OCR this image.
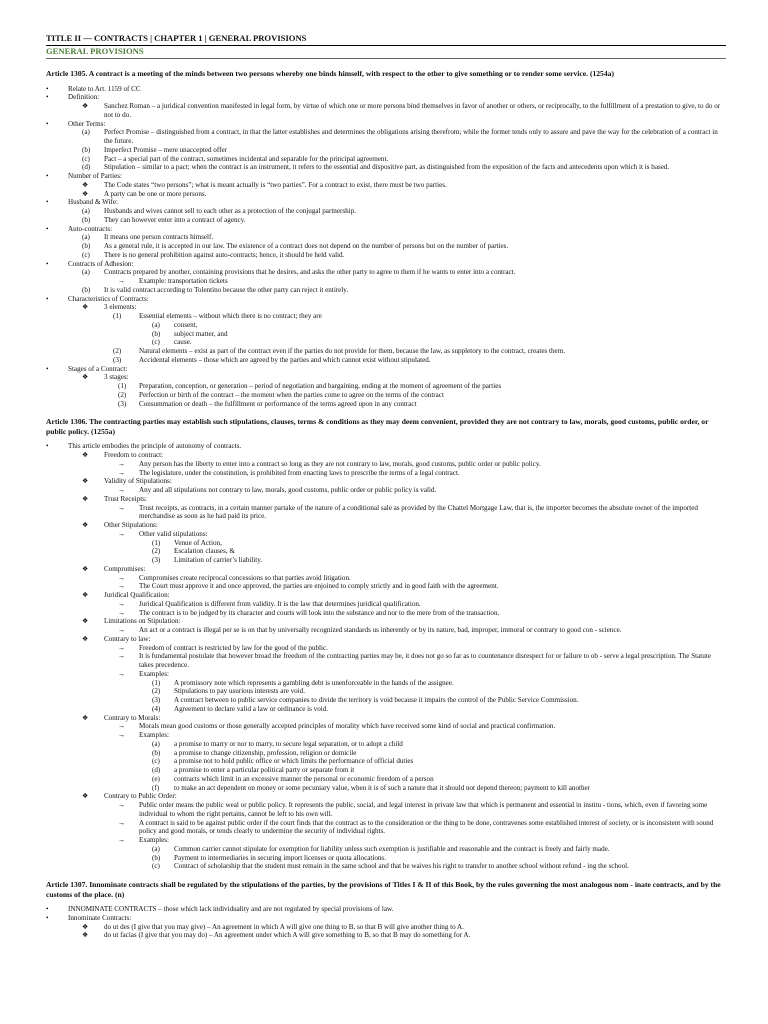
TITLE II — CONTRACTS | CHAPTER 1 | GENERAL PROVISIONS
GENERAL PROVISIONS
Article 1305. A contract is a meeting of the minds between two persons whereby one binds himself, with respect to the other to give something or to render some service. (1254a)
•	Relate to Art. 1159 of CC
•	Definition:
❖ Sanchez Roman – a juridical convention manifested in legal form, by virtue of which one or more persons bind themselves in favor of another or others, or reciprocally, to the fulfillment of a prestation to give, to do or not to do.
•	Other Terms:
(a) Perfect Promise – distinguished from a contract, in that the latter establishes and determines the obligations arising therefrom; while the former tends only to assure and pave the way for the celebration of a contract in the future.
(b) Imperfect Promise – mere unaccepted offer
(c) Pact – a special part of the contract, sometimes incidental and separable for the principal agreement.
(d) Stipulation – similar to a pact; when the contract is an instrument, it refers to the essential and dispositive part, as distinguished from the exposition of the facts and antecedents upon which it is based.
•	Number of Parties:
❖ The Code states “two persons”; what is meant actually is “two parties”. For a contract to exist, there must be two parties.
❖ A party can be one or more persons.
•	Husband & Wife:
(a) Husbands and wives cannot sell to each other as a protection of the conjugal partnership.
(b) They can however enter into a contract of agency.
•	Auto-contracts:
(a) It means one person contracts himself.
(b) As a general rule, it is accepted in our law. The existence of a contract does not depend on the number of persons but on the number of parties.
(c) There is no general prohibition against auto-contracts; hence, it should be held valid.
•	Contracts of Adhesion:
(a) Contracts prepared by another, containing provisions that he desires, and asks the other party to agree to them if he wants to enter into a contract.
→ Example: transportation tickets
(b) It is valid contract according to Tolentino because the other party can reject it entirely.
•	Characteristics of Contracts:
❖ 3 elements:
(1) Essential elements – without which there is no contract; they are
(a) consent,
(b) subject matter, and
(c) cause.
(2) Natural elements – exist as part of the contract even if the parties do not provide for them, because the law, as suppletory to the contract, creates them.
(3) Accidental elements – those which are agreed by the parties and which cannot exist without stipulated.
•	Stages of a Contract:
❖ 3 stages:
(1) Preparation, conception, or generation – period of negotiation and bargaining, ending at the moment of agreement of the parties
(2) Perfection or birth of the contract – the moment when the parties come to agree on the terms of the contract
(3) Consummation or death – the fulfillment or performance of the terms agreed upon in any contract
Article 1306. The contracting parties may establish such stipulations, clauses, terms & conditions as they may deem convenient, provided they are not contrary to law, morals, good customs, public order, or public policy. (1255a)
•	This article embodies the principle of autonomy of contracts.
❖ Freedom to contract:
→ Any person has the liberty to enter into a contract so long as they are not contrary to law, morals, good customs, public order or public policy.
→ The legislature, under the constitution, is prohibited from enacting laws to prescribe the terms of a legal contract.
❖ Validity of Stipulations:
→ Any and all stipulations not contrary to law, morals, good customs, public order or public policy is valid.
❖ Trust Receipts:
→ Trust receipts, as contracts, in a certain manner partake of the nature of a conditional sale as provided by the Chattel Mortgage Law, that is, the importer becomes the absolute owner of the imported merchandise as soon as he had paid its price.
❖ Other Stipulations:
→ Other valid stipulations:
(1) Venue of Action,
(2) Escalation clauses, &
(3) Limitation of carrier’s liability.
❖ Compromises:
→ Compromises create reciprocal concessions so that parties avoid litigation.
→ The Court must approve it and once approved, the parties are enjoined to comply strictly and in good faith with the agreement.
❖ Juridical Qualification:
→ Juridical Qualification is different from validity. It is the law that determines juridical qualification.
→ The contract is to be judged by its character and courts will look into the substance and nor to the mere from of the transaction.
❖ Limitations on Stipulation:
→ An act or a contract is illegal per se is on that by universally recognized standards us inherently or by its nature, bad, improper, immoral or contrary to good con - science.
❖ Contrary to law:
→ Freedom of contract is restricted by law for the good of the public.
→ It is fundamental postulate that however broad the freedom of the contracting parties may be, it does not go so far as to countenance disrespect for or failure to ob - serve a legal prescription. The Statute takes precedence.
→ Examples:
(1) A promissory note which represents a gambling debt is unenforceable in the hands of the assignee.
(2) Stipulations to pay usurious interests are void.
(3) A contract between to public service companies to divide the territory is void because it impairs the control of the Public Service Commission.
(4) Agreement to declare valid a law or ordinance is void.
❖ Contrary to Morals:
→ Morals mean good customs or those generally accepted principles of morality which have received some kind of social and practical confirmation.
→ Examples:
(a) a promise to marry or nor to marry, to secure legal separation, or to adopt a child
(b) a promise to change citizenship, profession, religion or domicile
(c) a promise not to hold public office or which limits the performance of official duties
(d) a promise to enter a particular political party or separate from it
(e) contracts which limit in an excessive manner the personal or economic freedom of a person
(f) to make an act dependent on money or some pecuniary value, when it is of such a nature that it should not depend thereon; payment to kill another
❖ Contrary to Public Order:
→ Public order means the public weal or public policy. It represents the public, social, and legal interest in private law that which is permanent and essential in institu - tions, which, even if favoring some individual to whom the right pertains, cannot be left to his own will.
→ A contract is said to be against public order if the court finds that the contract as to the consideration or the thing to be done, contravenes some established interest of society, or is inconsistent with sound policy and good morals, or tends clearly to undermine the security of individual rights.
→ Examples:
(a) Common carrier cannot stipulate for exemption for liability unless such exemption is justifiable and reasonable and the contract is freely and fairly made.
(b) Payment to intermediaries in securing import licenses or quota allocations.
(c) Contract of scholarship that the student must remain in the same school and that he waives his right to transfer to another school without refund - ing the school.
Article 1307. Innominate contracts shall be regulated by the stipulations of the parties, by the provisions of Titles I & II of this Book, by the rules governing the most analogous nom - inate contracts, and by the customs of the place. (n)
•	INNOMINATE CONTRACTS – those which lack individuality and are not regulated by special provisions of law.
•	Innominate Contracts:
❖ do ut des (I give that you may give) – An agreement in which A will give one thing to B, so that B will give another thing to A.
❖ do ut facias (I give that you may do) – An agreement under which A will give something to B, so that B may do something for A.
